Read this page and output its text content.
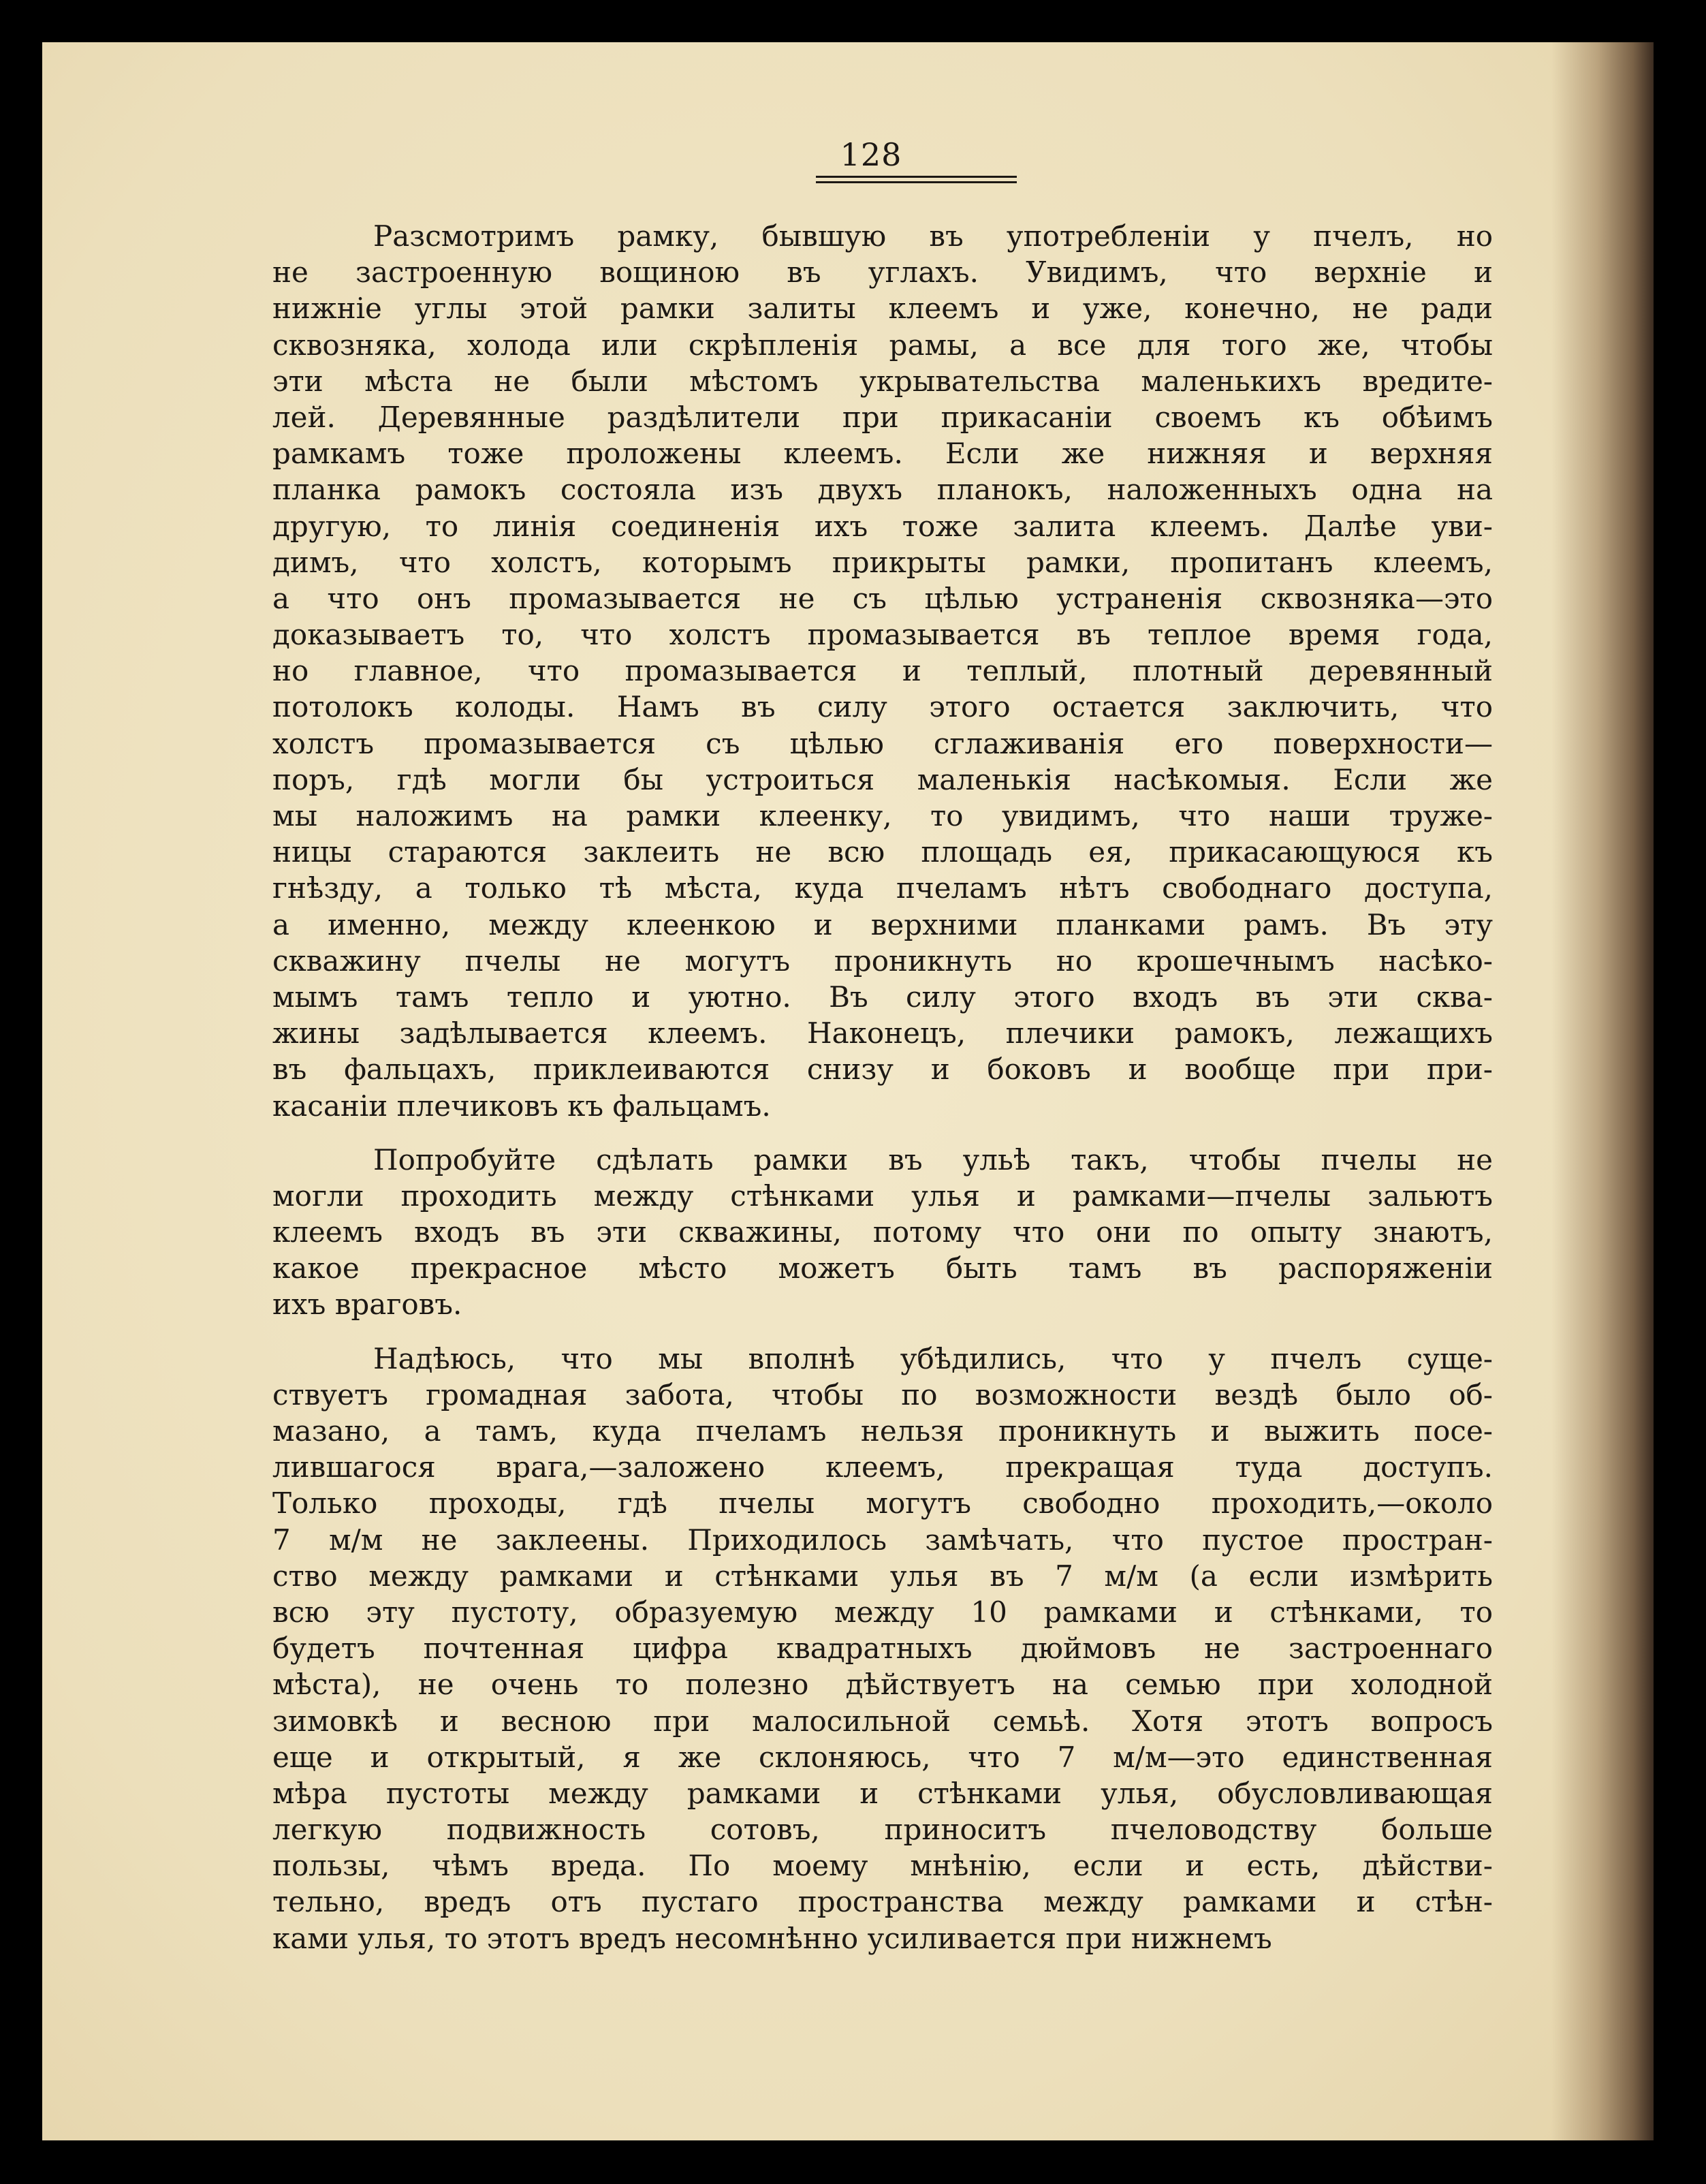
128
Разсмотримъ рамку, бывшую въ употребленіи у пчелъ, но
не застроенную вощиною въ углахъ. Увидимъ, что верхніе и
нижніе углы этой рамки залиты клеемъ и уже, конечно, не ради
сквозняка, холода или скрѣпленія рамы, а все для того же, чтобы
эти мѣста не были мѣстомъ укрывательства маленькихъ вредите-
лей. Деревянные раздѣлители при прикасаніи своемъ къ обѣимъ
рамкамъ тоже проложены клеемъ. Если же нижняя и верхняя
планка рамокъ состояла изъ двухъ планокъ, наложенныхъ одна на
другую, то линія соединенія ихъ тоже залита клеемъ. Далѣе уви-
димъ, что холстъ, которымъ прикрыты рамки, пропитанъ клеемъ,
а что онъ промазывается не съ цѣлью устраненія сквозняка—это
доказываетъ то, что холстъ промазывается въ теплое время года,
но главное, что промазывается и теплый, плотный деревянный
потолокъ колоды. Намъ въ силу этого остается заключить, что
холстъ промазывается съ цѣлью сглаживанія его поверхности—
поръ, гдѣ могли бы устроиться маленькія насѣкомыя. Если же
мы наложимъ на рамки клеенку, то увидимъ, что наши труже-
ницы стараются заклеить не всю площадь ея, прикасающуюся къ
гнѣзду, а только тѣ мѣста, куда пчеламъ нѣтъ свободнаго доступа,
а именно, между клеенкою и верхними планками рамъ. Въ эту
скважину пчелы не могутъ проникнуть но крошечнымъ насѣко-
мымъ тамъ тепло и уютно. Въ силу этого входъ въ эти сква-
жины задѣлывается клеемъ. Наконецъ, плечики рамокъ, лежащихъ
въ фальцахъ, приклеиваются снизу и боковъ и вообще при при-
касаніи плечиковъ къ фальцамъ.
Попробуйте сдѣлать рамки въ ульѣ такъ, чтобы пчелы не
могли проходить между стѣнками улья и рамками—пчелы зальютъ
клеемъ входъ въ эти скважины, потому что они по опыту знаютъ,
какое прекрасное мѣсто можетъ быть тамъ въ распоряженіи
ихъ враговъ.
Надѣюсь, что мы вполнѣ убѣдились, что у пчелъ суще-
ствуетъ громадная забота, чтобы по возможности вездѣ было об-
мазано, а тамъ, куда пчеламъ нельзя проникнуть и выжить посе-
лившагося врага,—заложено клеемъ, прекращая туда доступъ.
Только проходы, гдѣ пчелы могутъ свободно проходить,—около
7 м/м не заклеены. Приходилось замѣчать, что пустое простран-
ство между рамками и стѣнками улья въ 7 м/м (а если измѣрить
всю эту пустоту, образуемую между 10 рамками и стѣнками, то
будетъ почтенная цифра квадратныхъ дюймовъ не застроеннаго
мѣста), не очень то полезно дѣйствуетъ на семью при холодной
зимовкѣ и весною при малосильной семьѣ. Хотя этотъ вопросъ
еще и открытый, я же склоняюсь, что 7 м/м—это единственная
мѣра пустоты между рамками и стѣнками улья, обусловливающая
легкую подвижность сотовъ, приноситъ пчеловодству больше
пользы, чѣмъ вреда. По моему мнѣнію, если и есть, дѣйстви-
тельно, вредъ отъ пустаго пространства между рамками и стѣн-
ками улья, то этотъ вредъ несомнѣнно усиливается при нижнемъ
